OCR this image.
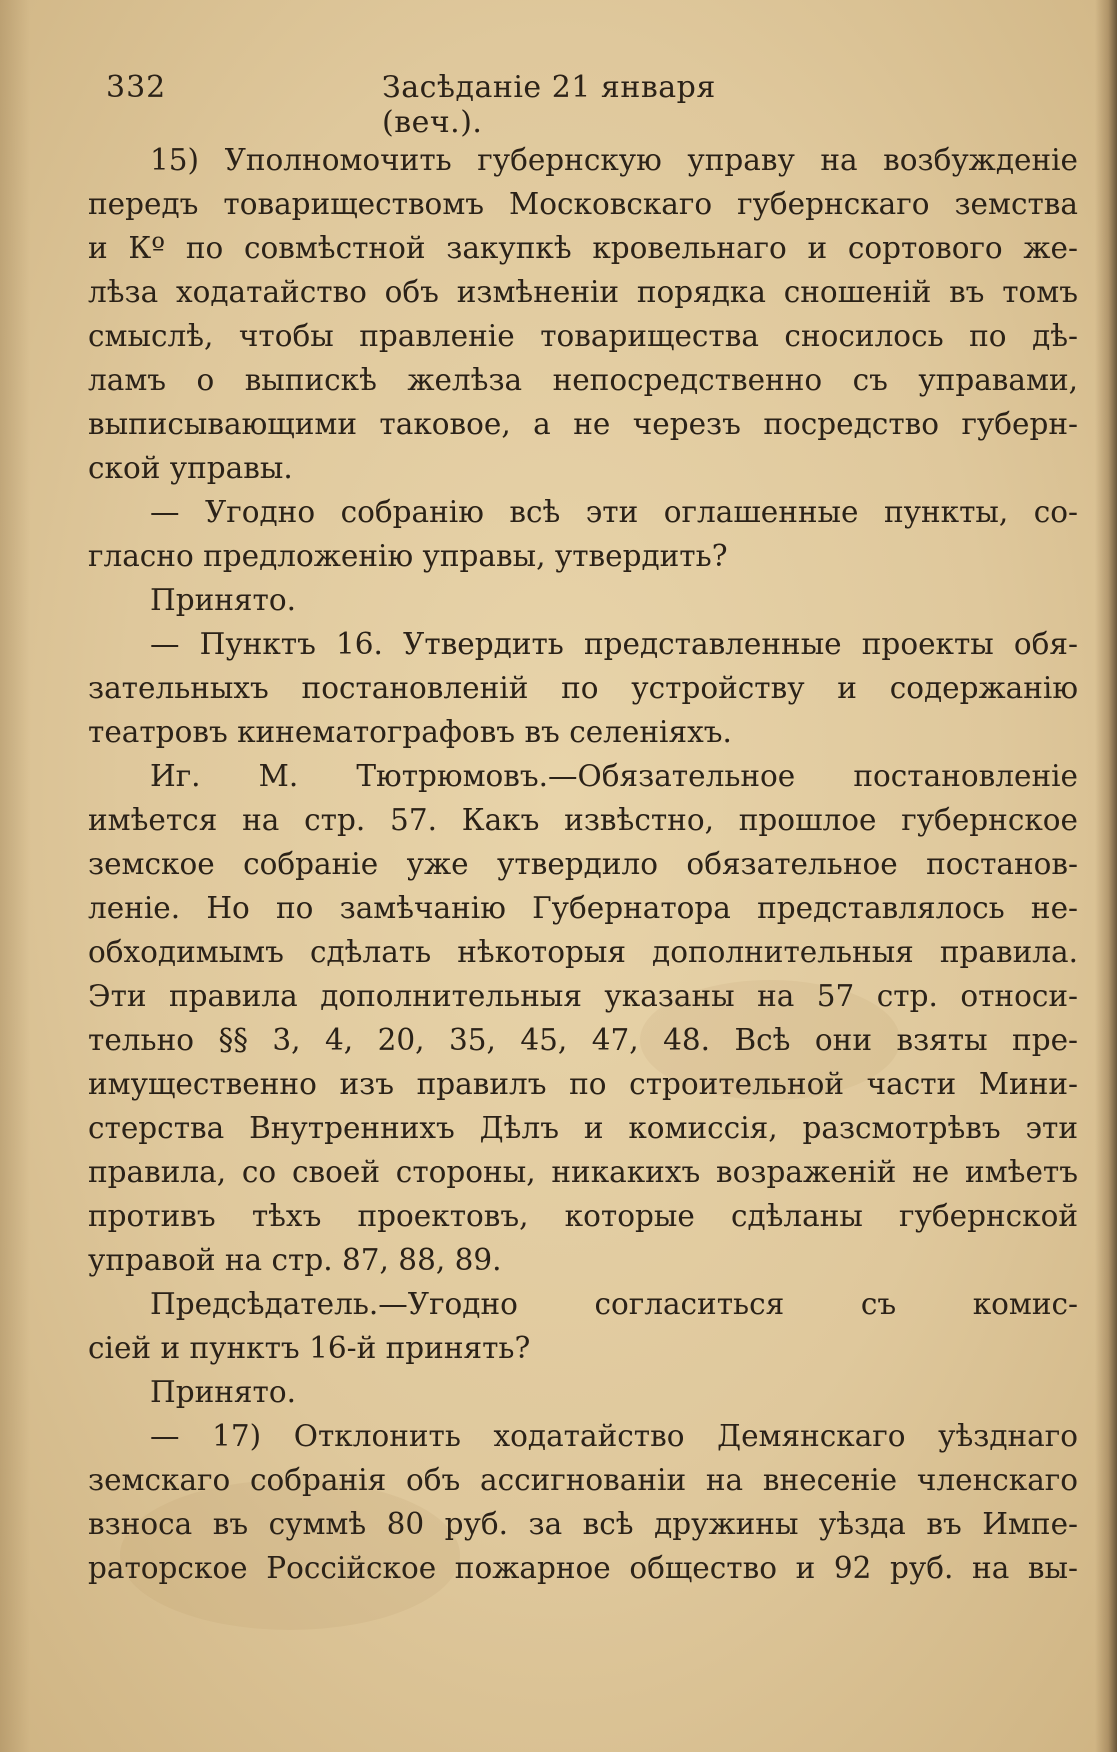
332	Засѣданіе 21 января (веч.).
15) Уполномочить губернскую управу на возбужденіе
передъ товариществомъ Московскаго губернскаго земства
и Кº по совмѣстной закупкѣ кровельнаго и сортового же-
лѣза ходатайство объ измѣненіи порядка сношеній въ томъ
смыслѣ, чтобы правленіе товарищества сносилось по дѣ-
ламъ о выпискѣ желѣза непосредственно съ управами,
выписывающими таковое, а не черезъ посредство губерн-
ской управы.
— Угодно собранію всѣ эти оглашенные пункты, со-
гласно предложенію управы, утвердить?
Принято.
— Пунктъ 16. Утвердить представленные проекты обя-
зательныхъ постановленій по устройству и содержанію
театровъ кинематографовъ въ селеніяхъ.
Иг. М. Тютрюмовъ.—Обязательное постановленіе
имѣется на стр. 57. Какъ извѣстно, прошлое губернское
земское собраніе уже утвердило обязательное постанов-
леніе. Но по замѣчанію Губернатора представлялось не-
обходимымъ сдѣлать нѣкоторыя дополнительныя правила.
Эти правила дополнительныя указаны на 57 стр. относи-
тельно §§ 3, 4, 20, 35, 45, 47, 48. Всѣ они взяты пре-
имущественно изъ правилъ по строительной части Мини-
стерства Внутреннихъ Дѣлъ и комиссія, разсмотрѣвъ эти
правила, со своей стороны, никакихъ возраженій не имѣетъ
противъ тѣхъ проектовъ, которые сдѣланы губернской
управой на стр. 87, 88, 89.
Предсѣдатель.—Угодно согласиться съ комис-
сіей и пунктъ 16-й принять?
Принято.
— 17) Отклонить ходатайство Демянскаго уѣзднаго
земскаго собранія объ ассигнованіи на внесеніе членскаго
взноса въ суммѣ 80 руб. за всѣ дружины уѣзда въ Импе-
раторское Россійское пожарное общество и 92 руб. на вы-
